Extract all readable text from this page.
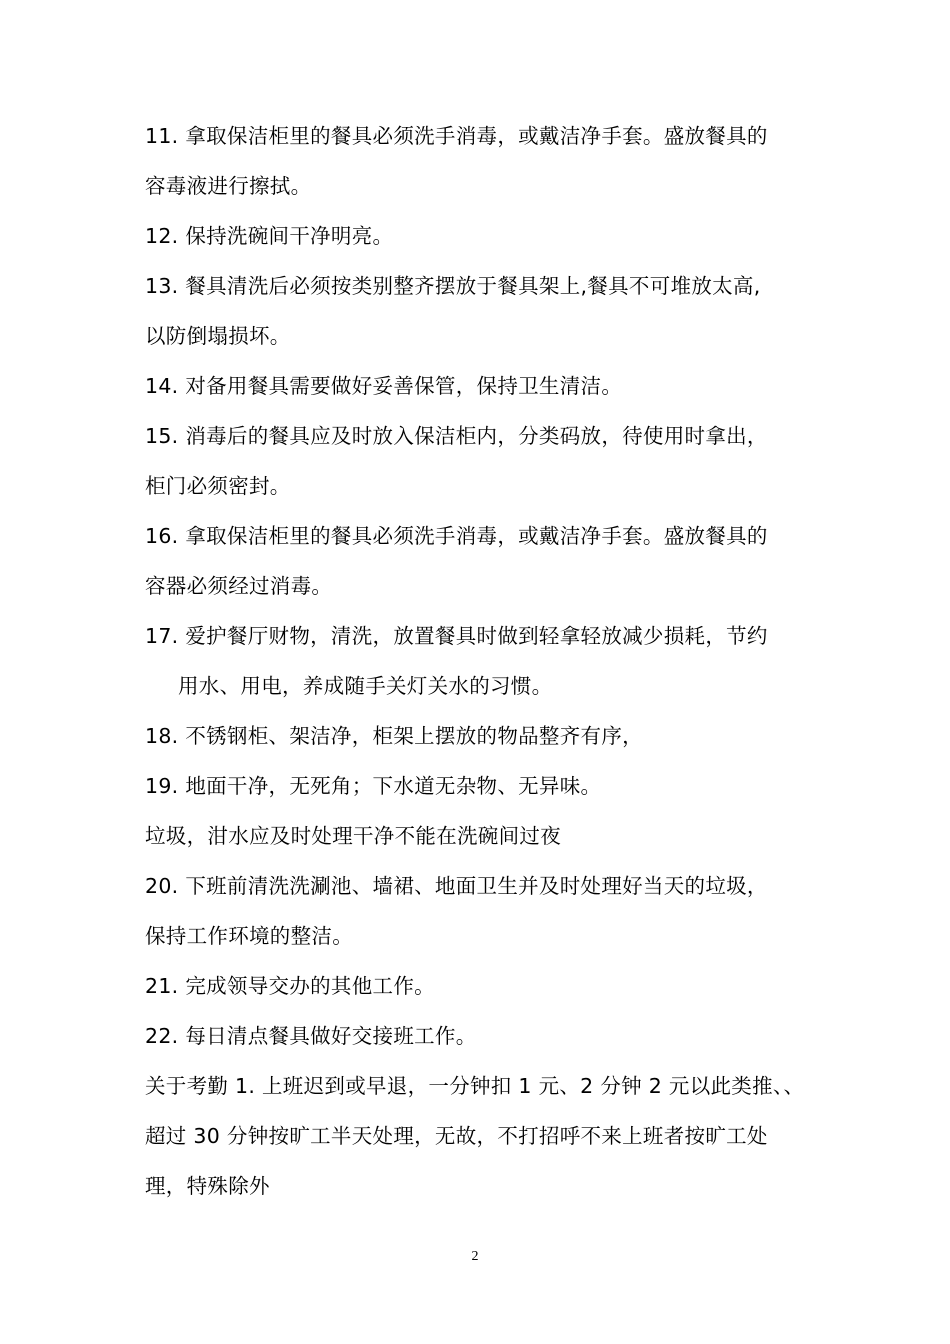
11. 拿取保洁柜里的餐具必须洗手消毒，或戴洁净手套。盛放餐具的
容毒液进行擦拭。
12. 保持洗碗间干净明亮。
13. 餐具清洗后必须按类别整齐摆放于餐具架上,餐具不可堆放太高,
以防倒塌损坏。
14. 对备用餐具需要做好妥善保管，保持卫生清洁。
15. 消毒后的餐具应及时放入保洁柜内，分类码放，待使用时拿出，
柜门必须密封。
16. 拿取保洁柜里的餐具必须洗手消毒，或戴洁净手套。盛放餐具的
容器必须经过消毒。
17. 爱护餐厅财物，清洗，放置餐具时做到轻拿轻放减少损耗，节约
用水、用电，养成随手关灯关水的习惯。
18. 不锈钢柜、架洁净，柜架上摆放的物品整齐有序，
19. 地面干净，无死角；下水道无杂物、无异味。
垃圾，泔水应及时处理干净不能在洗碗间过夜
20. 下班前清洗洗涮池、墙裙、地面卫生并及时处理好当天的垃圾，
保持工作环境的整洁。
21. 完成领导交办的其他工作。
22. 每日清点餐具做好交接班工作。
关于考勤 1. 上班迟到或早退，一分钟扣 1 元、2 分钟 2 元以此类推、、
超过 30 分钟按旷工半天处理，无故，不打招呼不来上班者按旷工处
理，特殊除外
2
